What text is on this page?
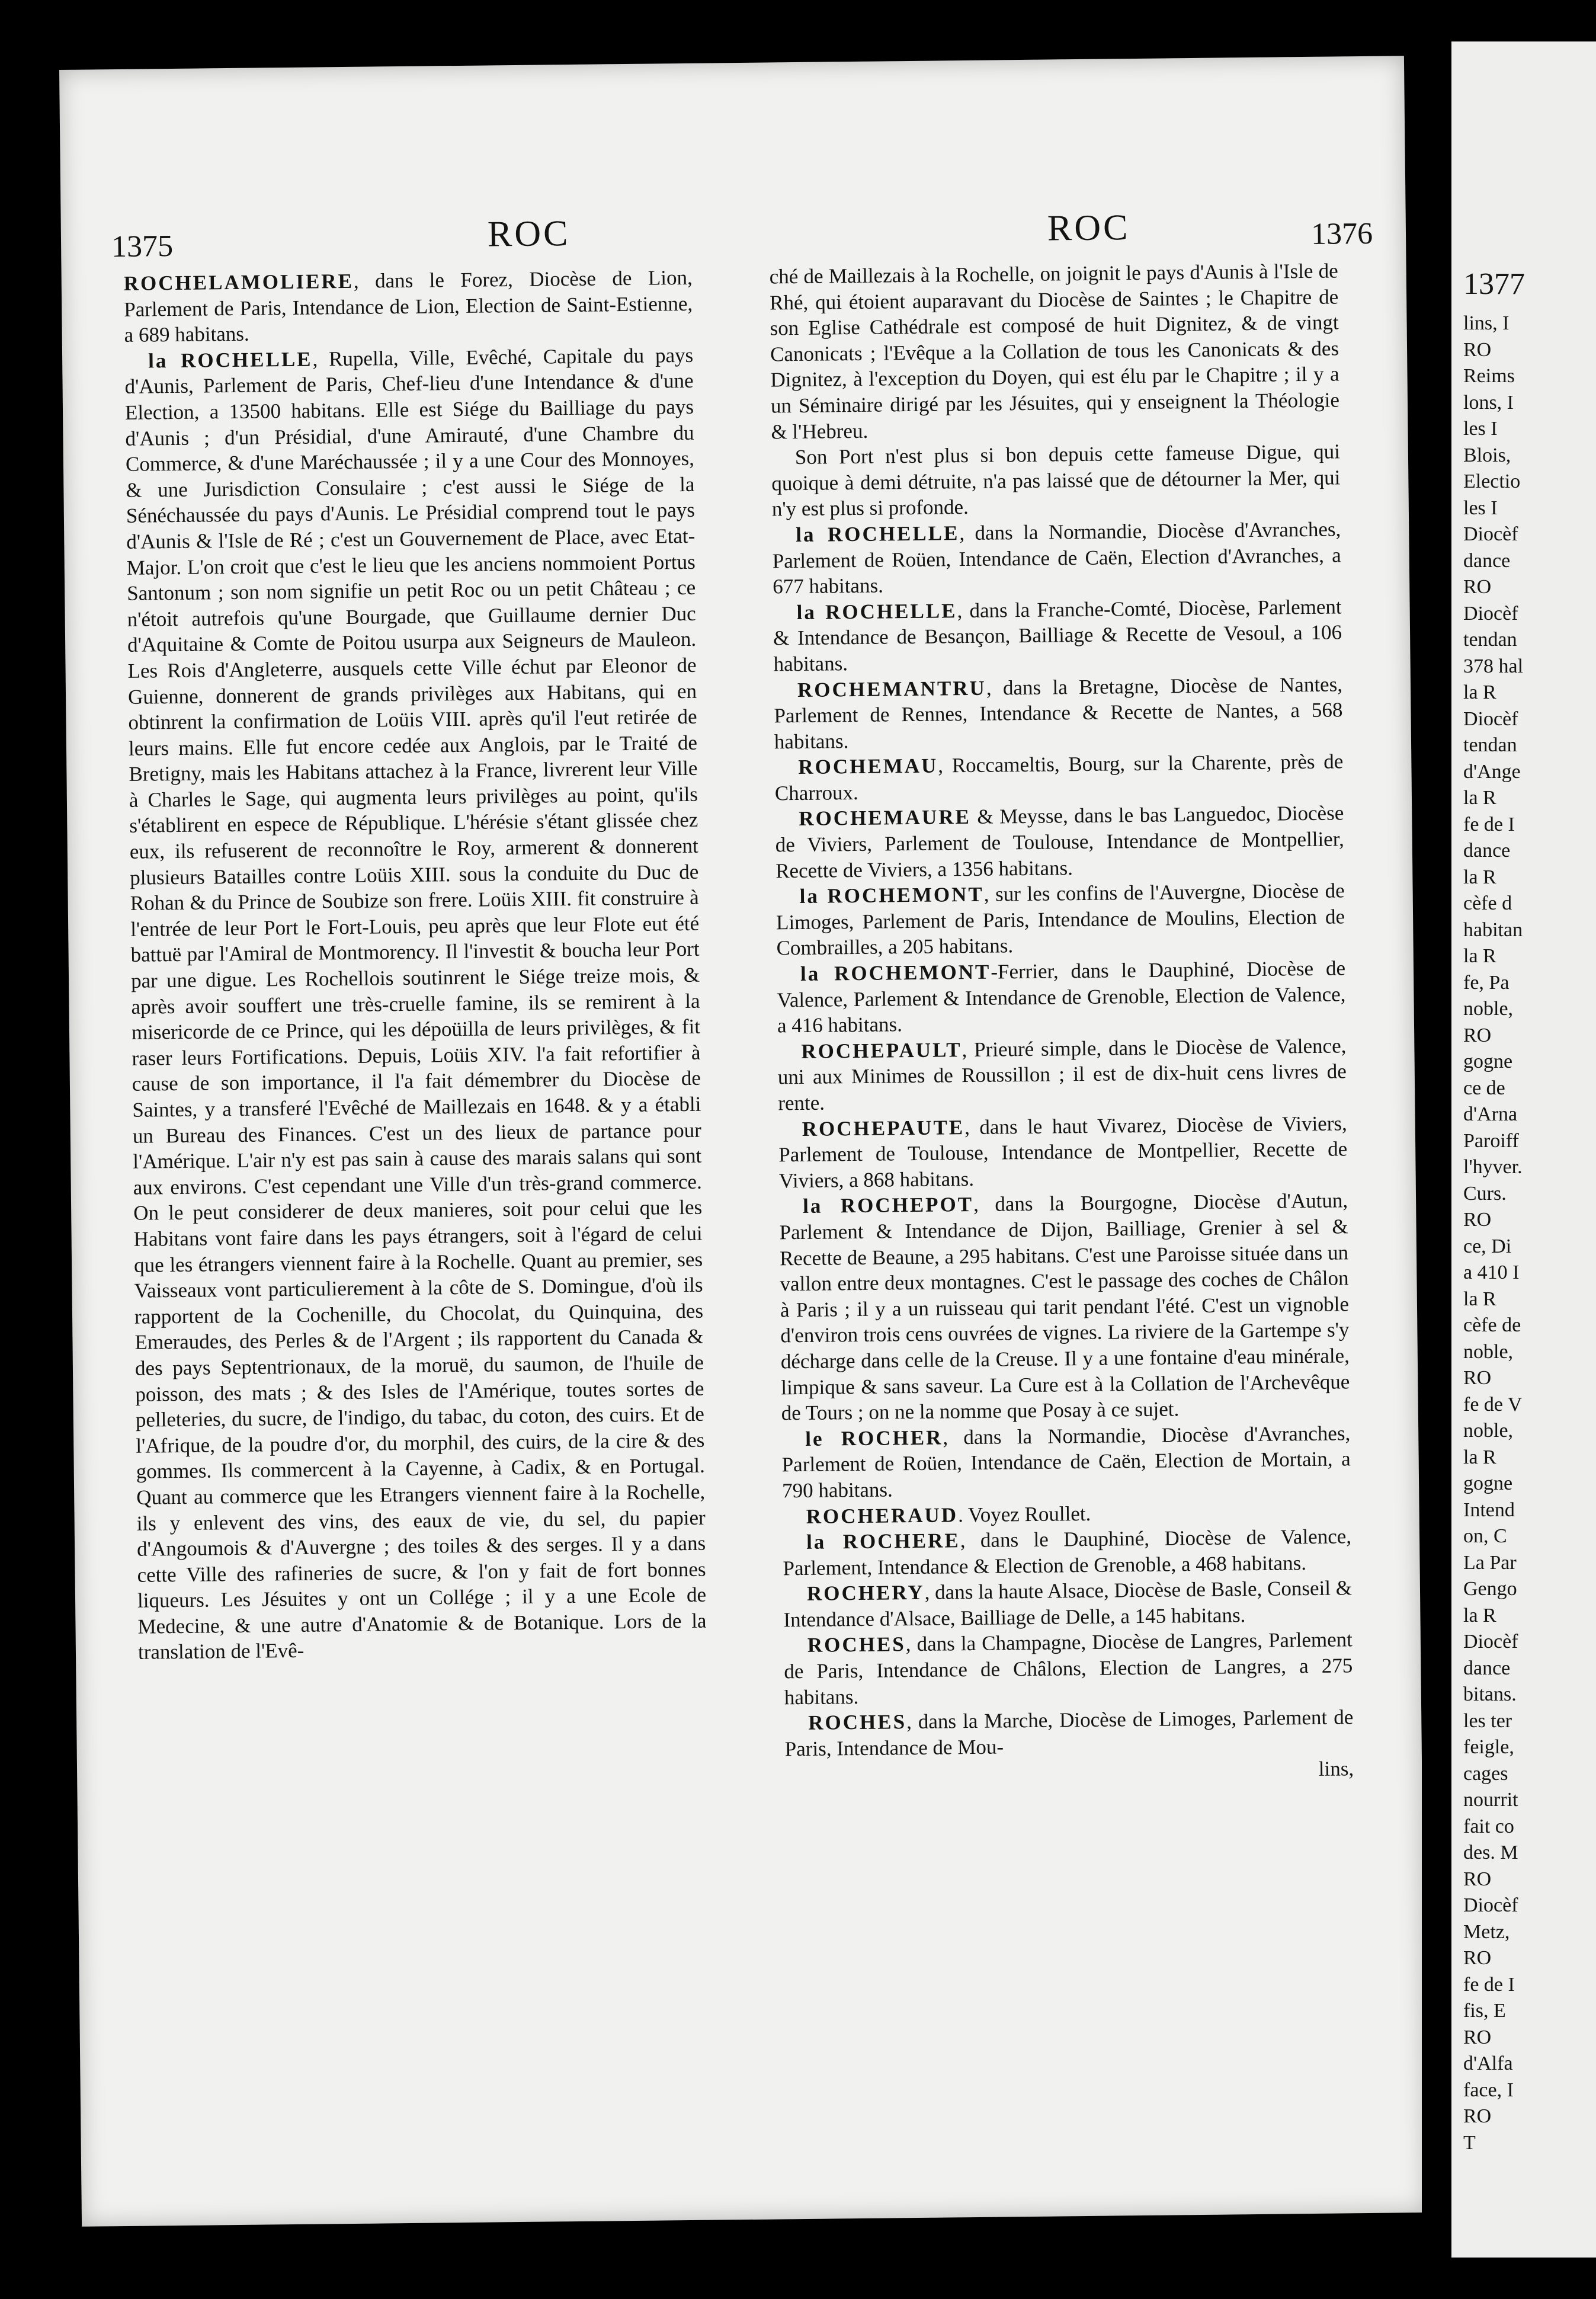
1375	ROC	ROC	1376

ROCHELAMOLIERE, dans le Forez, Diocèse de Lion, Parlement de Paris, Intendance de Lion, Election de Saint-Estienne, a 689 habitans.

la ROCHELLE, Rupella, Ville, Evêché, Capitale du pays d'Aunis, Parlement de Paris, Chef-lieu d'une Intendance & d'une Election, a 13500 habitans. Elle est Siége du Bailliage du pays d'Aunis ; d'un Présidial, d'une Amirauté, d'une Chambre du Commerce, & d'une Maréchaussée ; il y a une Cour des Monnoyes, & une Jurisdiction Consulaire ; c'est aussi le Siége de la Sénéchaussée du pays d'Aunis. Le Présidial comprend tout le pays d'Aunis & l'Isle de Ré ; c'est un Gouvernement de Place, avec Etat-Major. L'on croit que c'est le lieu que les anciens nommoient Portus Santonum ; son nom signifie un petit Roc ou un petit Château ; ce n'étoit autrefois qu'une Bourgade, que Guillaume dernier Duc d'Aquitaine & Comte de Poitou usurpa aux Seigneurs de Mauleon. Les Rois d'Angleterre, ausquels cette Ville échut par Eleonor de Guienne, donnerent de grands privilèges aux Habitans, qui en obtinrent la confirmation de Loüis VIII. après qu'il l'eut retirée de leurs mains. Elle fut encore cedée aux Anglois, par le Traité de Bretigny, mais les Habitans attachez à la France, livrerent leur Ville à Charles le Sage, qui augmenta leurs privilèges au point, qu'ils s'établirent en espece de République. L'hérésie s'étant glissée chez eux, ils refuserent de reconnoître le Roy, armerent & donnerent plusieurs Batailles contre Loüis XIII. sous la conduite du Duc de Rohan & du Prince de Soubize son frere. Loüis XIII. fit construire à l'entrée de leur Port le Fort-Louis, peu après que leur Flote eut été battuë par l'Amiral de Montmorency. Il l'investit & boucha leur Port par une digue. Les Rochellois soutinrent le Siége treize mois, & après avoir souffert une très-cruelle famine, ils se remirent à la misericorde de ce Prince, qui les dépoüilla de leurs privilèges, & fit raser leurs Fortifications. Depuis, Loüis XIV. l'a fait refortifier à cause de son importance, il l'a fait démembrer du Diocèse de Saintes, y a transferé l'Evêché de Maillezais en 1648. & y a établi un Bureau des Finances. C'est un des lieux de partance pour l'Amérique. L'air n'y est pas sain à cause des marais salans qui sont aux environs. C'est cependant une Ville d'un très-grand commerce. On le peut considerer de deux manieres, soit pour celui que les Habitans vont faire dans les pays étrangers, soit à l'égard de celui que les étrangers viennent faire à la Rochelle. Quant au premier, ses Vaisseaux vont particulierement à la côte de S. Domingue, d'où ils rapportent de la Cochenille, du Chocolat, du Quinquina, des Emeraudes, des Perles & de l'Argent ; ils rapportent du Canada & des pays Septentrionaux, de la moruë, du saumon, de l'huile de poisson, des mats ; & des Isles de l'Amérique, toutes sortes de pelleteries, du sucre, de l'indigo, du tabac, du coton, des cuirs. Et de l'Afrique, de la poudre d'or, du morphil, des cuirs, de la cire & des gommes. Ils commercent à la Cayenne, à Cadix, & en Portugal. Quant au commerce que les Etrangers viennent faire à la Rochelle, ils y enlevent des vins, des eaux de vie, du sel, du papier d'Angoumois & d'Auvergne ; des toiles & des serges. Il y a dans cette Ville des rafineries de sucre, & l'on y fait de fort bonnes liqueurs. Les Jésuites y ont un Collége ; il y a une Ecole de Medecine, & une autre d'Anatomie & de Botanique. Lors de la translation de l'Evê-

ché de Maillezais à la Rochelle, on joignit le pays d'Aunis à l'Isle de Rhé, qui étoient auparavant du Diocèse de Saintes ; le Chapitre de son Eglise Cathédrale est composé de huit Dignitez, & de vingt Canonicats ; l'Evêque a la Collation de tous les Canonicats & des Dignitez, à l'exception du Doyen, qui est élu par le Chapitre ; il y a un Séminaire dirigé par les Jésuites, qui y enseignent la Théologie & l'Hebreu.

Son Port n'est plus si bon depuis cette fameuse Digue, qui quoique à demi détruite, n'a pas laissé que de détourner la Mer, qui n'y est plus si profonde.

la ROCHELLE, dans la Normandie, Diocèse d'Avranches, Parlement de Roüen, Intendance de Caën, Election d'Avranches, a 677 habitans.

la ROCHELLE, dans la Franche-Comté, Diocèse, Parlement & Intendance de Besançon, Bailliage & Recette de Vesoul, a 106 habitans.

ROCHEMANTRU, dans la Bretagne, Diocèse de Nantes, Parlement de Rennes, Intendance & Recette de Nantes, a 568 habitans.

ROCHEMAU, Roccameltis, Bourg, sur la Charente, près de Charroux.

ROCHEMAURE & Meysse, dans le bas Languedoc, Diocèse de Viviers, Parlement de Toulouse, Intendance de Montpellier, Recette de Viviers, a 1356 habitans.

la ROCHEMONT, sur les confins de l'Auvergne, Diocèse de Limoges, Parlement de Paris, Intendance de Moulins, Election de Combrailles, a 205 habitans.

la ROCHEMONT-Ferrier, dans le Dauphiné, Diocèse de Valence, Parlement & Intendance de Grenoble, Election de Valence, a 416 habitans.

ROCHEPAULT, Prieuré simple, dans le Diocèse de Valence, uni aux Minimes de Roussillon ; il est de dix-huit cens livres de rente.

ROCHEPAUTE, dans le haut Vivarez, Diocèse de Viviers, Parlement de Toulouse, Intendance de Montpellier, Recette de Viviers, a 868 habitans.

la ROCHEPOT, dans la Bourgogne, Diocèse d'Autun, Parlement & Intendance de Dijon, Bailliage, Grenier à sel & Recette de Beaune, a 295 habitans. C'est une Paroisse située dans un vallon entre deux montagnes. C'est le passage des coches de Châlon à Paris ; il y a un ruisseau qui tarit pendant l'été. C'est un vignoble d'environ trois cens ouvrées de vignes. La riviere de la Gartempe s'y décharge dans celle de la Creuse. Il y a une fontaine d'eau minérale, limpique & sans saveur. La Cure est à la Collation de l'Archevêque de Tours ; on ne la nomme que Posay à ce sujet.

le ROCHER, dans la Normandie, Diocèse d'Avranches, Parlement de Roüen, Intendance de Caën, Election de Mortain, a 790 habitans.

ROCHERAUD. Voyez Roullet.

la ROCHERE, dans le Dauphiné, Diocèse de Valence, Parlement, Intendance & Election de Grenoble, a 468 habitans.

ROCHERY, dans la haute Alsace, Diocèse de Basle, Conseil & Intendance d'Alsace, Bailliage de Delle, a 145 habitans.

ROCHES, dans la Champagne, Diocèse de Langres, Parlement de Paris, Intendance de Châlons, Election de Langres, a 275 habitans.

ROCHES, dans la Marche, Diocèse de Limoges, Parlement de Paris, Intendance de Mou-

lins,
1377
lins, I
RO
Reims
lons, I
les I
Blois,
Electio
les I
Diocèf
dance
RO
Diocèf
tendan
378 hal
la R
Diocèf
tendan
d'Ange
la R
fe de I
dance
la R
cèfe d
habitan
la R
fe, Pa
noble,
RO
gogne
ce de
d'Arna
Paroiff
l'hyver.
Curs.
RO
ce, Di
a 410 I
la R
cèfe de
noble,
RO
fe de V
noble,
la R
gogne
Intend
on, C
La Par
Gengo
la R
Diocèf
dance
bitans.
les ter
feigle,
cages
nourrit
fait co
des. M
RO
Diocèf
Metz,
RO
fe de I
fis, E
RO
d'Alfa
face, I
RO
T
